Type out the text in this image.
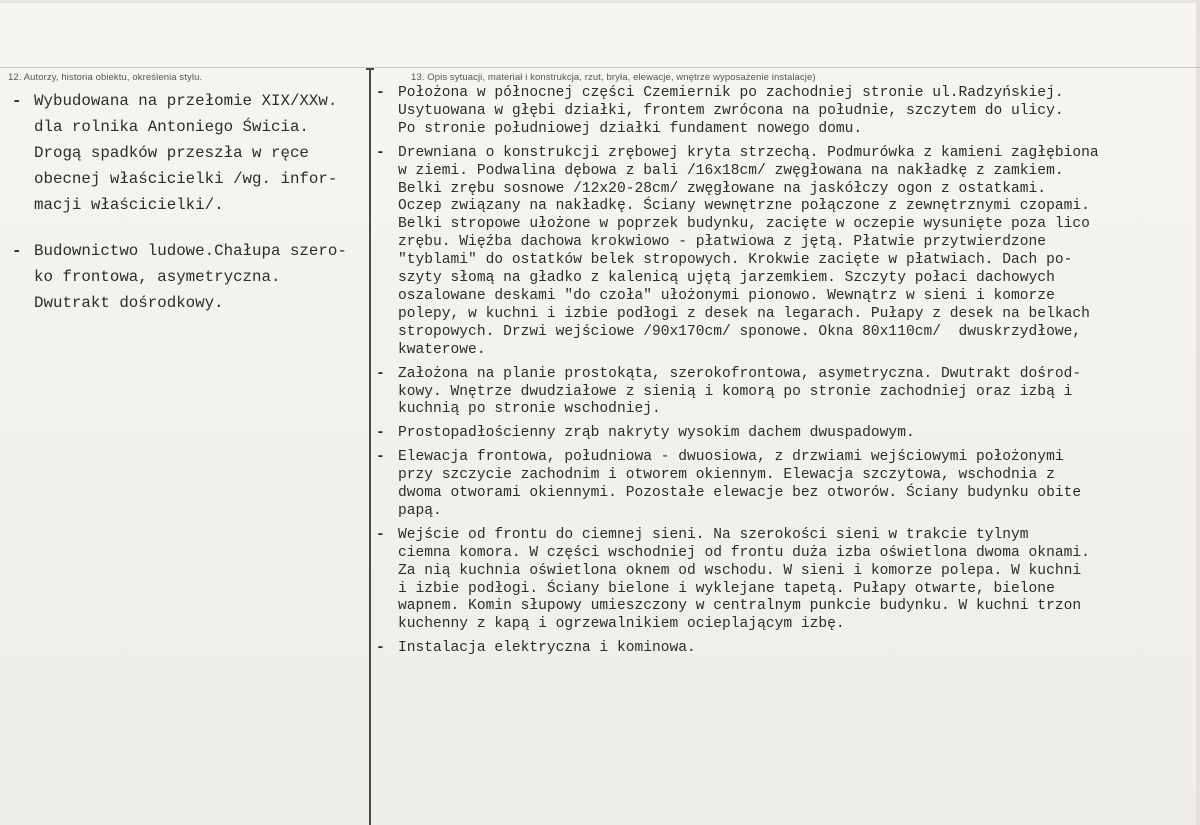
12. Autorzy, historia obiektu, określenia stylu.	13. Opis sytuacji, materiał i konstrukcja, rzut, bryła, elewacje, wnętrze wyposażenie instalacje)
- Wybudowana na przełomie XIX/XXw.
dla rolnika Antoniego Świcia.
Drogą spadków przeszła w ręce
obecnej właścicielki /wg. infor-
macji właścicielki/.
- Budownictwo ludowe.Chałupa szero-
ko frontowa, asymetryczna.
Dwutrakt dośrodkowy.
- Położona w północnej części Czemiernik po zachodniej stronie ul.Radzyńskiej.
Usytuowana w głębi działki, frontem zwrócona na południe, szczytem do ulicy.
Po stronie południowej działki fundament nowego domu.
- Drewniana o konstrukcji zrębowej kryta strzechą. Podmurówka z kamieni zagłębiona
w ziemi. Podwalina dębowa z bali /16x18cm/ zwęgłowana na nakładkę z zamkiem.
Belki zrębu sosnowe /12x20-28cm/ zwęgłowane na jaskółczy ogon z ostatkami.
Oczep związany na nakładkę. Ściany wewnętrzne połączone z zewnętrznymi czopami.
Belki stropowe ułożone w poprzek budynku, zacięte w oczepie wysunięte poza lico
zrębu. Więźba dachowa krokwiowo - płatwiowa z jętą. Płatwie przytwierdzone
"tyblami" do ostatków belek stropowych. Krokwie zacięte w płatwiach. Dach po-
szyty słomą na gładko z kalenicą ujętą jarzemkiem. Szczyty połaci dachowych
oszalowane deskami "do czoła" ułożonymi pionowo. Wewnątrz w sieni i komorze
polepy, w kuchni i izbie podłogi z desek na legarach. Pułapy z desek na belkach
stropowych. Drzwi wejściowe /90x170cm/ sponowe. Okna 80x110cm/  dwuskrzydłowe,
kwaterowe.
- Założona na planie prostokąta, szerokofrontowa, asymetryczna. Dwutrakt dośrod-
kowy. Wnętrze dwudziałowe z sienią i komorą po stronie zachodniej oraz izbą i
kuchnią po stronie wschodniej.
- Prostopadłościenny zrąb nakryty wysokim dachem dwuspadowym.
- Elewacja frontowa, południowa - dwuosiowa, z drzwiami wejściowymi położonymi
przy szczycie zachodnim i otworem okiennym. Elewacja szczytowa, wschodnia z
dwoma otworami okiennymi. Pozostałe elewacje bez otworów. Ściany budynku obite
papą.
- Wejście od frontu do ciemnej sieni. Na szerokości sieni w trakcie tylnym
ciemna komora. W części wschodniej od frontu duża izba oświetlona dwoma oknami.
Za nią kuchnia oświetlona oknem od wschodu. W sieni i komorze polepa. W kuchni
i izbie podłogi. Ściany bielone i wyklejane tapetą. Pułapy otwarte, bielone
wapnem. Komin słupowy umieszczony w centralnym punkcie budynku. W kuchni trzon
kuchenny z kapą i ogrzewalnikiem ocieplającym izbę.
- Instalacja elektryczna i kominowa.
